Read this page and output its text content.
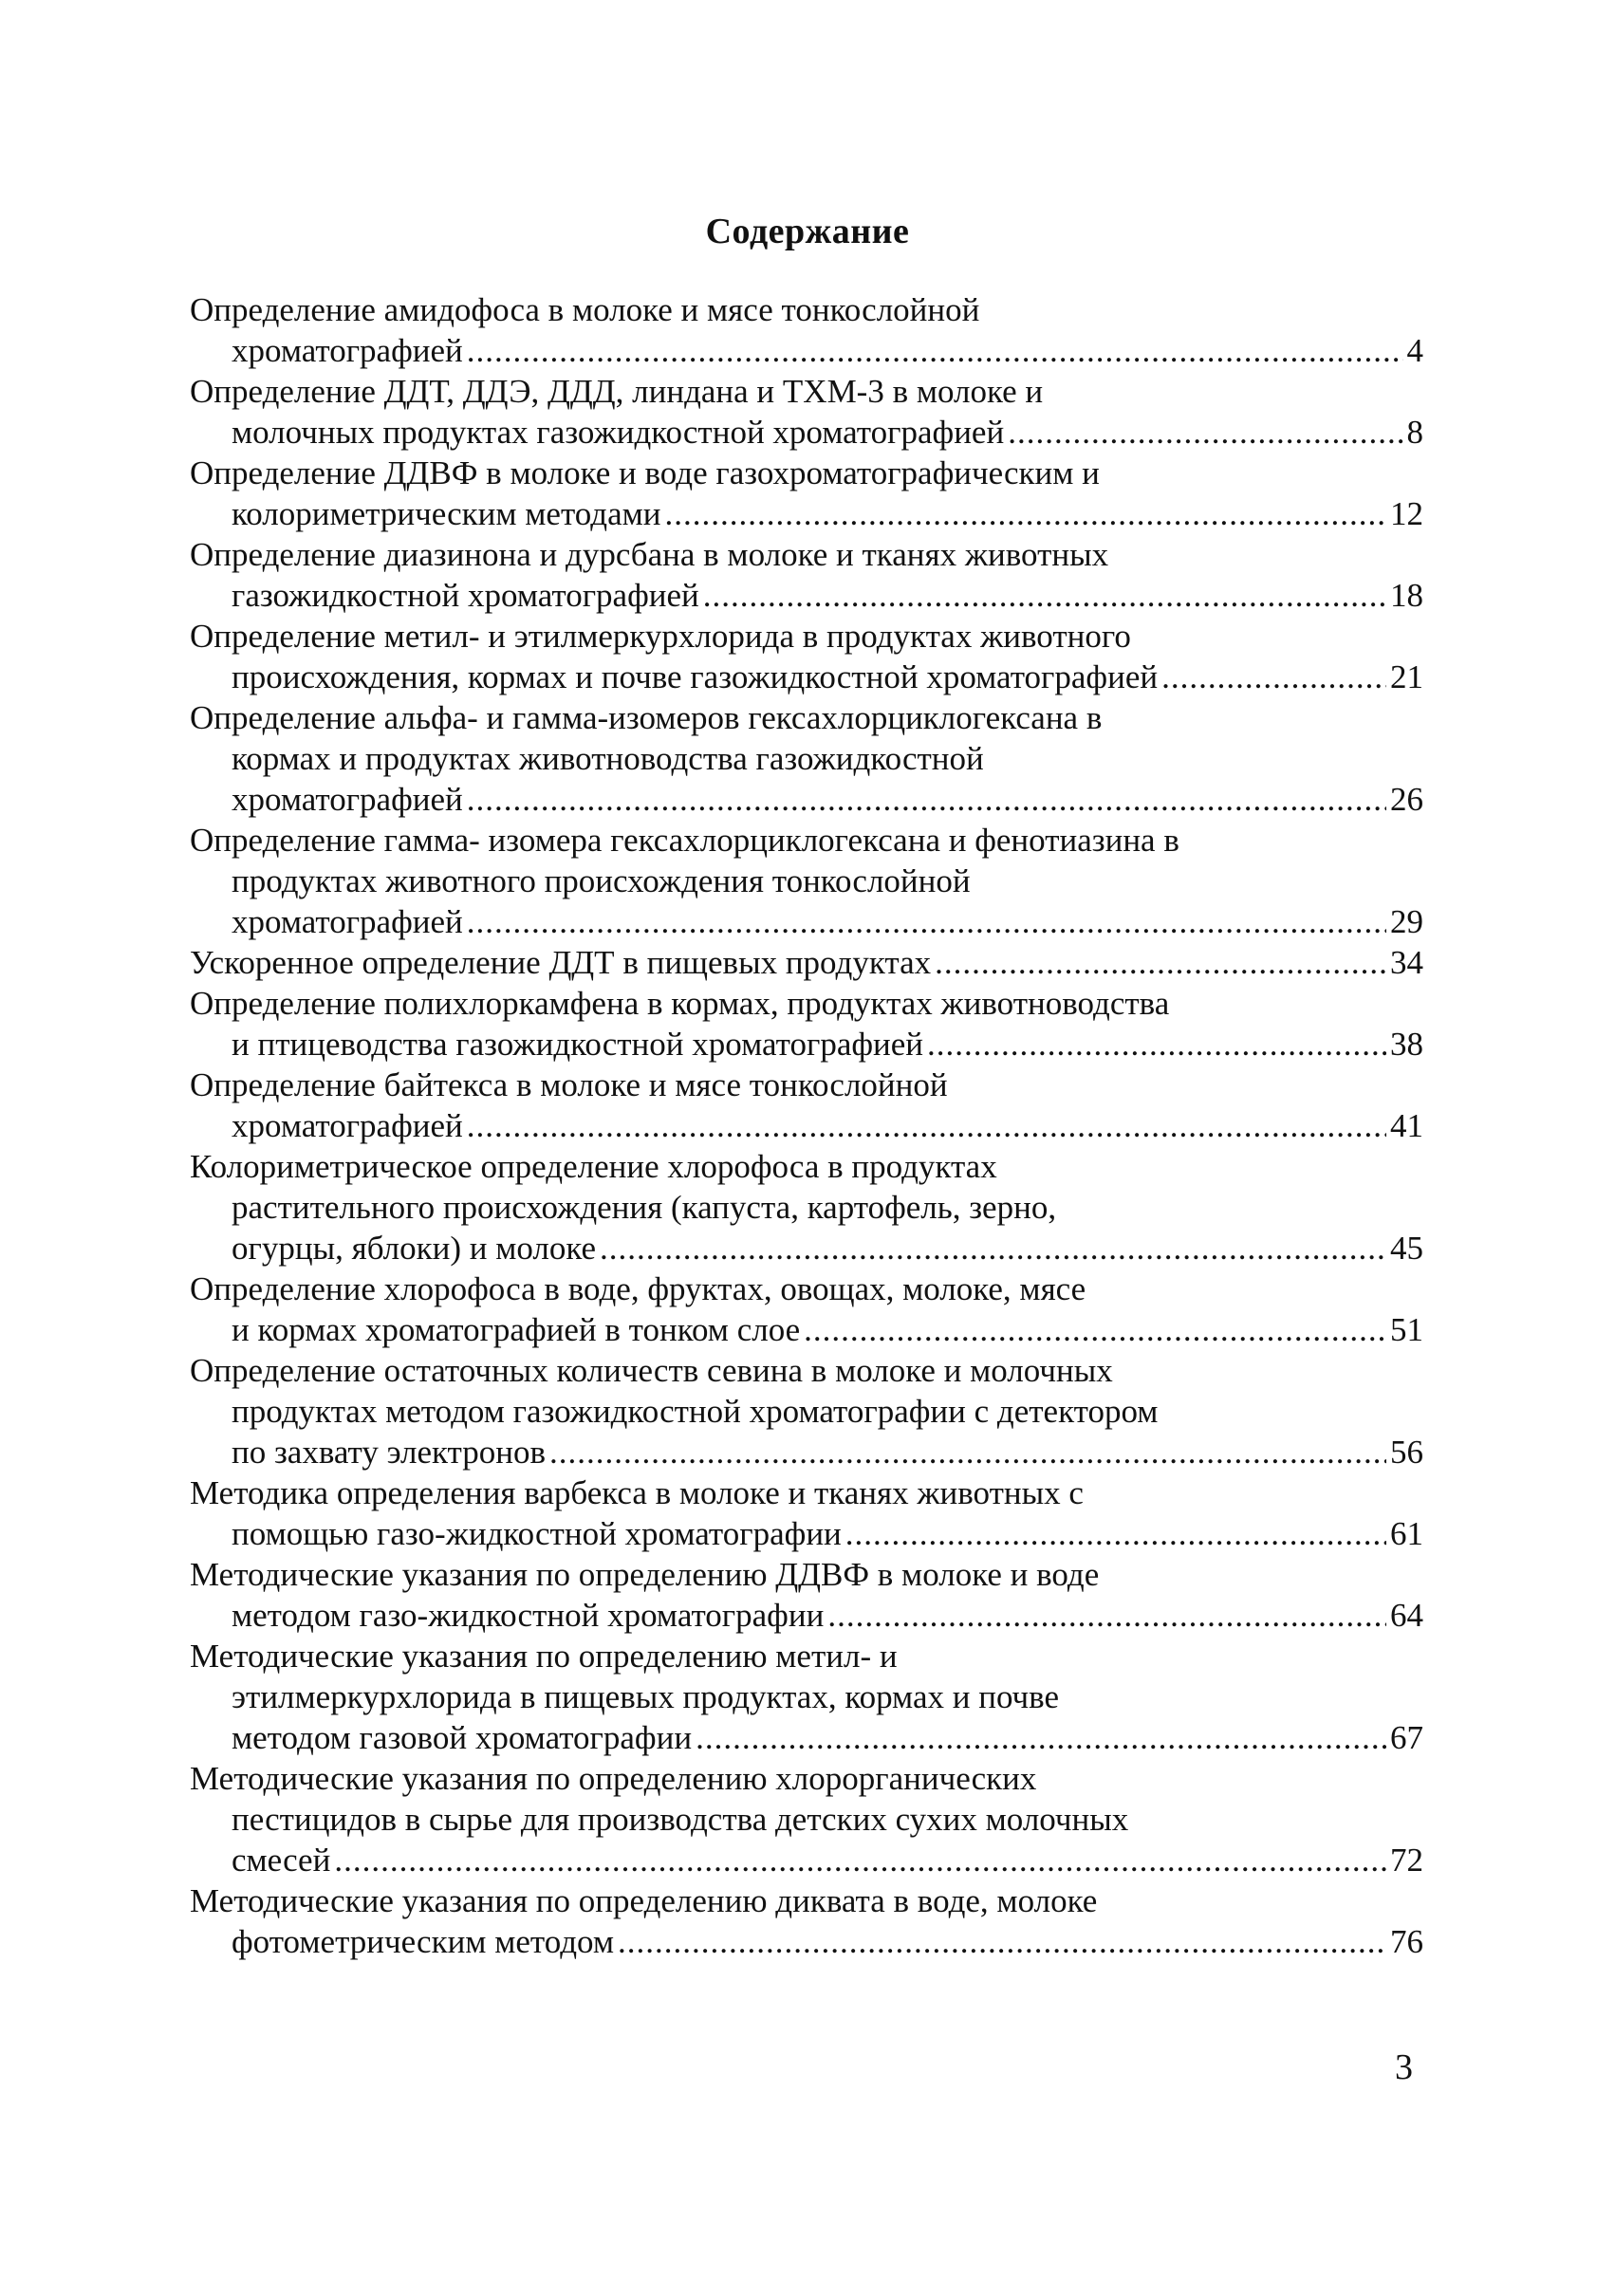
Содержание
Определение амидофоса в молоке и мясе тонкослойной
хроматографией .....	4
Определение ДДТ, ДДЭ, ДДД, линдана и ТХМ-3 в молоке и
молочных продуктах газожидкостной хроматографией .....	8
Определение ДДВФ в молоке и воде газохроматографическим и
колориметрическим методами .....	12
Определение диазинона и дурсбана в молоке и тканях животных
газожидкостной хроматографией .....	18
Определение метил- и этилмеркурхлорида в продуктах животного
происхождения, кормах и почве газожидкостной хроматографией .....	21
Определение альфа- и гамма-изомеров гексахлорциклогексана в
кормах и продуктах животноводства газожидкостной
хроматографией .....	26
Определение гамма- изомера гексахлорциклогексана и фенотиазина в
продуктах животного происхождения тонкослойной
хроматографией .....	29
Ускоренное определение ДДТ в пищевых продуктах .....	34
Определение полихлоркамфена в кормах, продуктах животноводства
и птицеводства газожидкостной хроматографией .....	38
Определение байтекса в молоке и мясе тонкослойной
хроматографией .....	41
Колориметрическое определение хлорофоса в продуктах
растительного происхождения (капуста, картофель, зерно,
огурцы, яблоки) и молоке .....	45
Определение хлорофоса в воде, фруктах, овощах, молоке, мясе
и кормах хроматографией в тонком слое .....	51
Определение остаточных количеств севина в молоке и молочных
продуктах методом газожидкостной хроматографии с детектором
по захвату электронов .....	56
Методика определения варбекса в молоке и тканях животных с
помощью газо-жидкостной хроматографии .....	61
Методические указания по определению ДДВФ в молоке и воде
методом газо-жидкостной хроматографии .....	64
Методические указания по определению метил- и
этилмеркурхлорида в пищевых продуктах, кормах и почве
методом газовой хроматографии .....	67
Методические указания по определению хлорорганических
пестицидов в сырье для производства детских сухих молочных
смесей .....	72
Методические указания по определению диквата в воде, молоке
фотометрическим методом .....	76
3
